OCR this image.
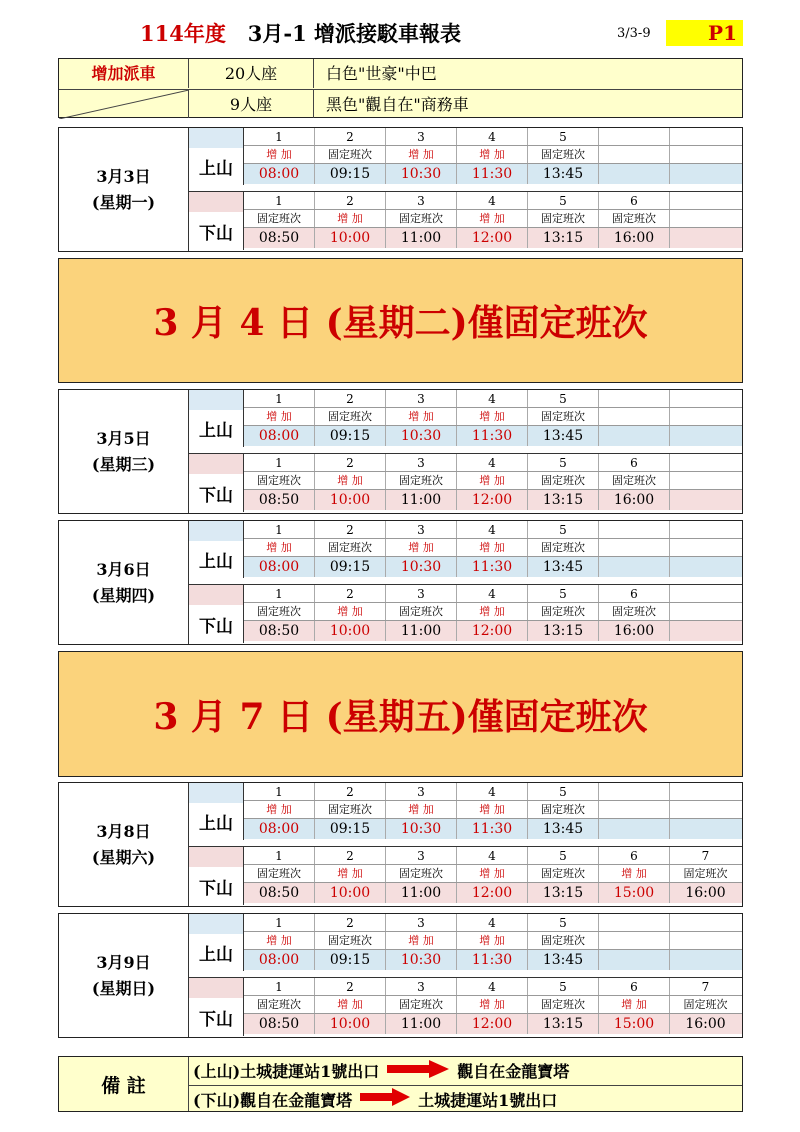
114年度 3月-1 增派接駁車報表	3/3-9	P1
增加派車	20人座	白色"世豪"中巴
9人座	黑色"觀自在"商務車
3月3日
(星期一)
上山
1	2	3	4	5
增 加	固定班次	增 加	增 加	固定班次
08:00	09:15	10:30	11:30	13:45
下山
1	2	3	4	5	6
固定班次	增 加	固定班次	增 加	固定班次	固定班次
08:50	10:00	11:00	12:00	13:15	16:00
3 月 4 日 (星期二)僅固定班次
3月5日
(星期三)
上山
1	2	3	4	5
增 加	固定班次	增 加	增 加	固定班次
08:00	09:15	10:30	11:30	13:45
下山
1	2	3	4	5	6
固定班次	增 加	固定班次	增 加	固定班次	固定班次
08:50	10:00	11:00	12:00	13:15	16:00
3月6日
(星期四)
上山
1	2	3	4	5
增 加	固定班次	增 加	增 加	固定班次
08:00	09:15	10:30	11:30	13:45
下山
1	2	3	4	5	6
固定班次	增 加	固定班次	增 加	固定班次	固定班次
08:50	10:00	11:00	12:00	13:15	16:00
3 月 7 日 (星期五)僅固定班次
3月8日
(星期六)
上山
1	2	3	4	5
增 加	固定班次	增 加	增 加	固定班次
08:00	09:15	10:30	11:30	13:45
下山
1	2	3	4	5	6	7
固定班次	增 加	固定班次	增 加	固定班次	增 加	固定班次
08:50	10:00	11:00	12:00	13:15	15:00	16:00
3月9日
(星期日)
上山
1	2	3	4	5
增 加	固定班次	增 加	增 加	固定班次
08:00	09:15	10:30	11:30	13:45
下山
1	2	3	4	5	6	7
固定班次	增 加	固定班次	增 加	固定班次	增 加	固定班次
08:50	10:00	11:00	12:00	13:15	15:00	16:00
備 註
(上山)土城捷運站1號出口	觀自在金龍寶塔
(下山)觀自在金龍寶塔	土城捷運站1號出口
